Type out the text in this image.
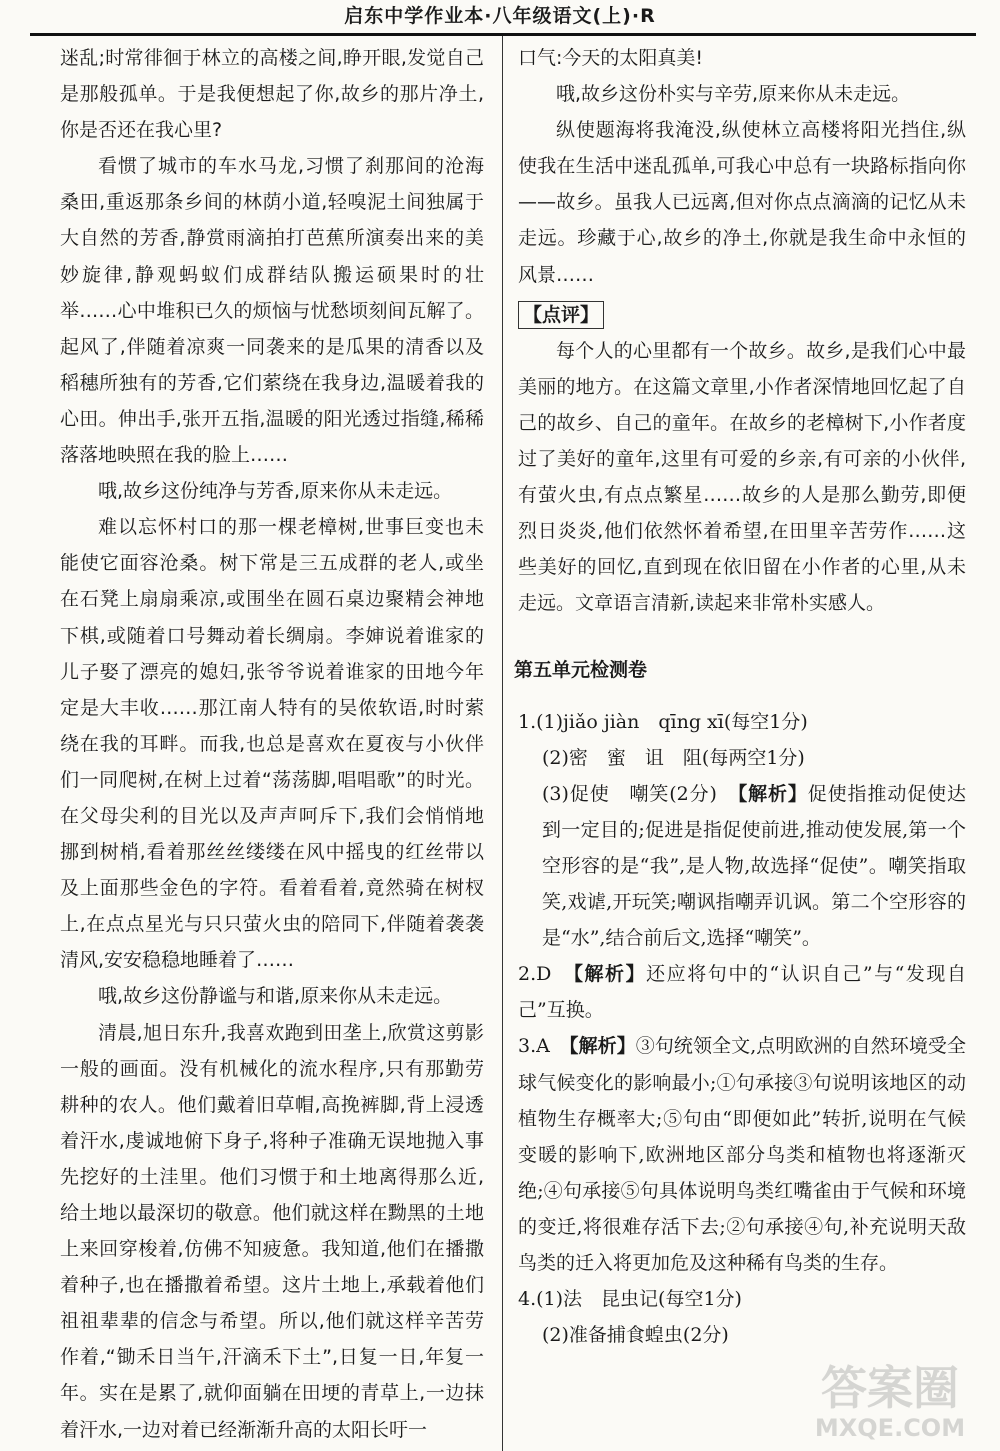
启东中学作业本·八年级语文(上)·R

迷乱;时常徘徊于林立的高楼之间,睁开眼,发觉自己是那般孤单。于是我便想起了你,故乡的那片净土,你是否还在我心里?

看惯了城市的车水马龙,习惯了刹那间的沧海桑田,重返那条乡间的林荫小道,轻嗅泥土间独属于大自然的芳香,静赏雨滴拍打芭蕉所演奏出来的美妙旋律,静观蚂蚁们成群结队搬运硕果时的壮举……心中堆积已久的烦恼与忧愁顷刻间瓦解了。起风了,伴随着凉爽一同袭来的是瓜果的清香以及稻穗所独有的芳香,它们萦绕在我身边,温暖着我的心田。伸出手,张开五指,温暖的阳光透过指缝,稀稀落落地映照在我的脸上……

哦,故乡这份纯净与芳香,原来你从未走远。

难以忘怀村口的那一棵老樟树,世事巨变也未能使它面容沧桑。树下常是三五成群的老人,或坐在石凳上扇扇乘凉,或围坐在圆石桌边聚精会神地下棋,或随着口号舞动着长绸扇。李婶说着谁家的儿子娶了漂亮的媳妇,张爷爷说着谁家的田地今年定是大丰收……那江南人特有的吴侬软语,时时萦绕在我的耳畔。而我,也总是喜欢在夏夜与小伙伴们一同爬树,在树上过着“荡荡脚,唱唱歌”的时光。在父母尖利的目光以及声声呵斥下,我们会悄悄地挪到树梢,看着那丝丝缕缕在风中摇曳的红丝带以及上面那些金色的字符。看着看着,竟然骑在树杈上,在点点星光与只只萤火虫的陪同下,伴随着袭袭清风,安安稳稳地睡着了……

哦,故乡这份静谧与和谐,原来你从未走远。

清晨,旭日东升,我喜欢跑到田垄上,欣赏这剪影一般的画面。没有机械化的流水程序,只有那勤劳耕种的农人。他们戴着旧草帽,高挽裤脚,背上浸透着汗水,虔诚地俯下身子,将种子准确无误地抛入事先挖好的土洼里。他们习惯于和土地离得那么近,给土地以最深切的敬意。他们就这样在黝黑的土地上来回穿梭着,仿佛不知疲惫。我知道,他们在播撒着种子,也在播撒着希望。这片土地上,承载着他们祖祖辈辈的信念与希望。所以,他们就这样辛苦劳作着,“锄禾日当午,汗滴禾下土”,日复一日,年复一年。实在是累了,就仰面躺在田埂的青草上,一边抹着汗水,一边对着已经渐渐升高的太阳长吁一

口气:今天的太阳真美!

哦,故乡这份朴实与辛劳,原来你从未走远。

纵使题海将我淹没,纵使林立高楼将阳光挡住,纵使我在生活中迷乱孤单,可我心中总有一块路标指向你——故乡。虽我人已远离,但对你点点滴滴的记忆从未走远。珍藏于心,故乡的净土,你就是我生命中永恒的风景……

【点评】

每个人的心里都有一个故乡。故乡,是我们心中最美丽的地方。在这篇文章里,小作者深情地回忆起了自己的故乡、自己的童年。在故乡的老樟树下,小作者度过了美好的童年,这里有可爱的乡亲,有可亲的小伙伴,有萤火虫,有点点繁星……故乡的人是那么勤劳,即便烈日炎炎,他们依然怀着希望,在田里辛苦劳作……这些美好的回忆,直到现在依旧留在小作者的心里,从未走远。文章语言清新,读起来非常朴实感人。

第五单元检测卷

1.(1)jiǎo jiàn　qīng xī(每空1分)

(2)密　蜜　诅　阻(每两空1分)

(3)促使　嘲笑(2分)　【解析】促使指推动促使达到一定目的;促进是指促使前进,推动使发展,第一个空形容的是“我”,是人物,故选择“促使”。嘲笑指取笑,戏谑,开玩笑;嘲讽指嘲弄讥讽。第二个空形容的是“水”,结合前后文,选择“嘲笑”。

2.D　【解析】还应将句中的“认识自己”与“发现自己”互换。

3.A　【解析】③句统领全文,点明欧洲的自然环境受全球气候变化的影响最小;①句承接③句说明该地区的动植物生存概率大;⑤句由“即便如此”转折,说明在气候变暖的影响下,欧洲地区部分鸟类和植物也将逐渐灭绝;④句承接⑤句具体说明鸟类红嘴雀由于气候和环境的变迁,将很难存活下去;②句承接④句,补充说明天敌鸟类的迁入将更加危及这种稀有鸟类的生存。

4.(1)法　昆虫记(每空1分)

(2)准备捕食蝗虫(2分)

答案圈
MXQE.COM
